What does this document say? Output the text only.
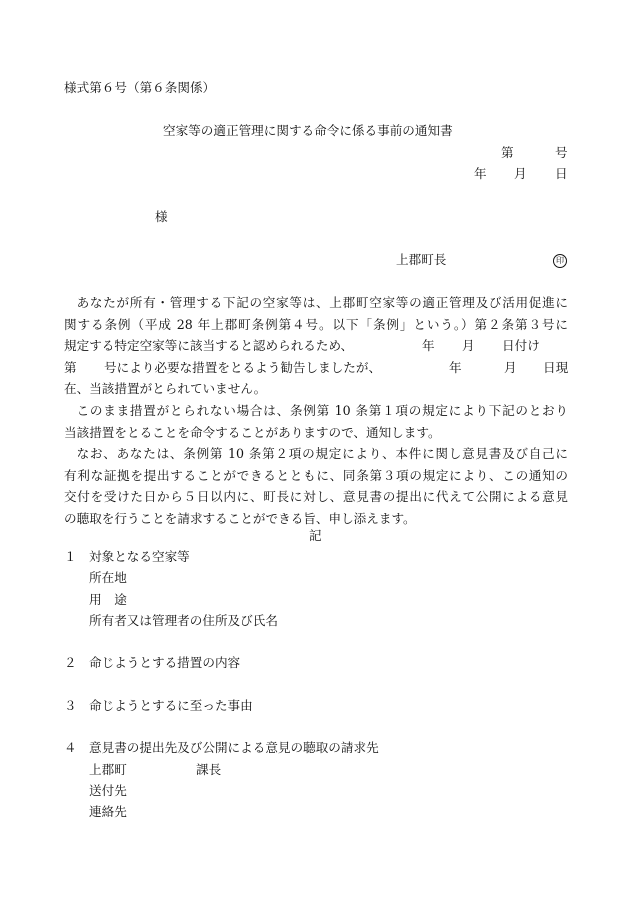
様式第６号（第６条関係）
空家等の適正管理に関する命令に係る事前の通知書
第	号
年 月 日
様
上郡町長	印
あなたが所有・管理する下記の空家等は、上郡町空家等の適正管理及び活用促進に
関する条例（平成 28 年上郡町条例第４号。以下「条例」という。）第２条第３号に
規定する特定空家等に該当すると認められるため、	年 月 日付け
第 号により必要な措置をとるよう勧告しましたが、	年	月 日現
在、当該措置がとられていません。
このまま措置がとられない場合は、条例第 10 条第１項の規定により下記のとおり
当該措置をとることを命令することがありますので、通知します。
なお、あなたは、条例第 10 条第２項の規定により、本件に関し意見書及び自己に
有利な証拠を提出することができるとともに、同条第３項の規定により、この通知の
交付を受けた日から５日以内に、町長に対し、意見書の提出に代えて公開による意見
の聴取を行うことを請求することができる旨、申し添えます。
記
１ 対象となる空家等
所在地
用　途
所有者又は管理者の住所及び氏名
２ 命じようとする措置の内容
３ 命じようとするに至った事由
４ 意見書の提出先及び公開による意見の聴取の請求先
上郡町	課長
送付先
連絡先
